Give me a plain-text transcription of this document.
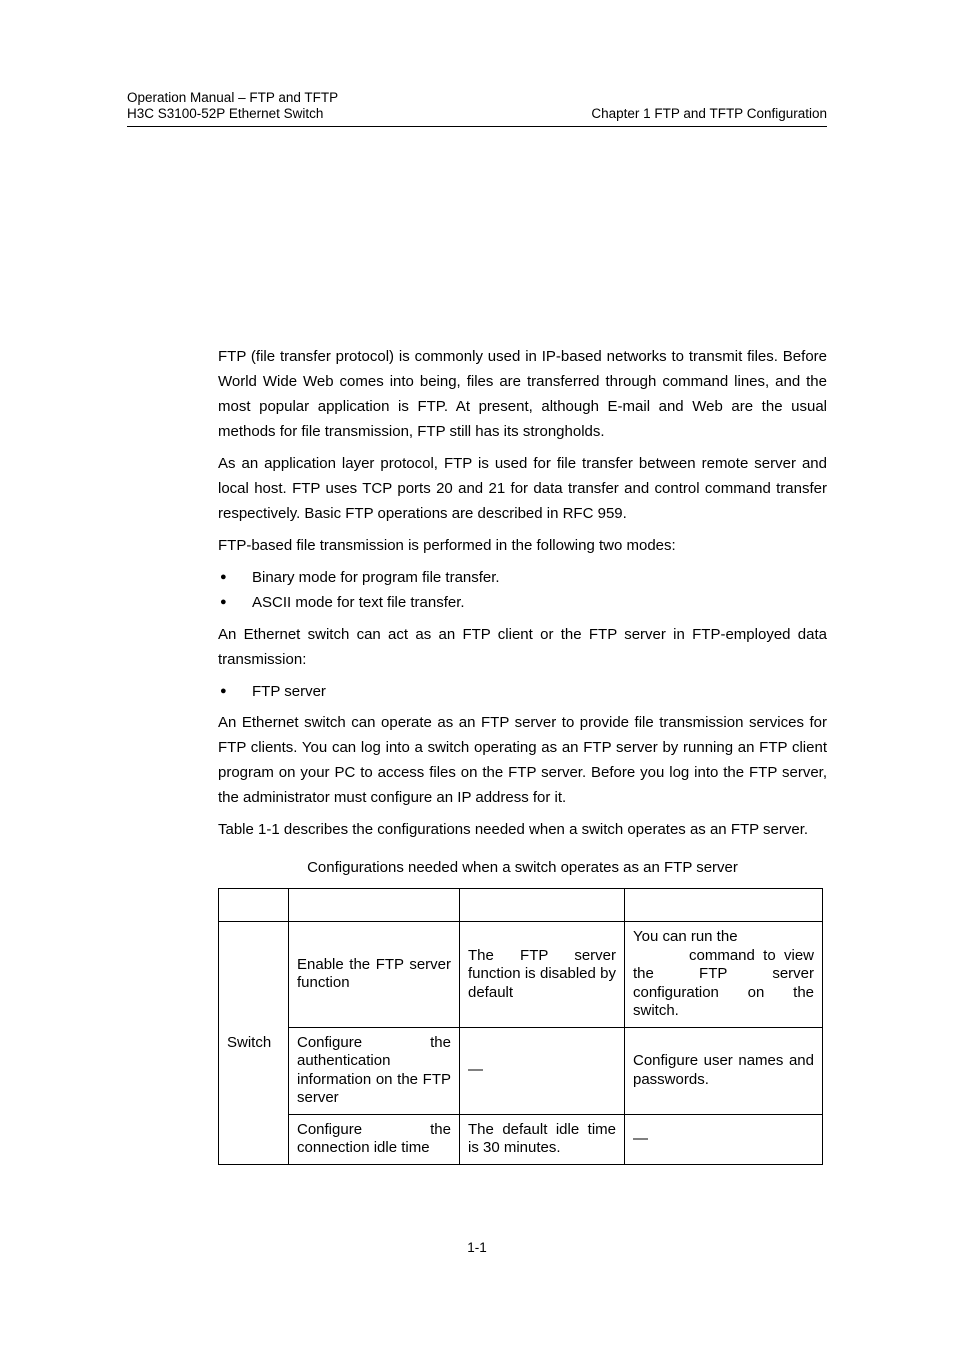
Operation Manual – FTP and TFTP
H3C S3100-52P Ethernet Switch	Chapter 1 FTP and TFTP Configuration

FTP (file transfer protocol) is commonly used in IP-based networks to transmit files. Before World Wide Web comes into being, files are transferred through command lines, and the most popular application is FTP. At present, although E-mail and Web are the usual methods for file transmission, FTP still has its strongholds.

As an application layer protocol, FTP is used for file transfer between remote server and local host. FTP uses TCP ports 20 and 21 for data transfer and control command transfer respectively. Basic FTP operations are described in RFC 959.

FTP-based file transmission is performed in the following two modes:

● Binary mode for program file transfer.
● ASCII mode for text file transfer.

An Ethernet switch can act as an FTP client or the FTP server in FTP-employed data transmission:

● FTP server

An Ethernet switch can operate as an FTP server to provide file transmission services for FTP clients. You can log into a switch operating as an FTP server by running an FTP client program on your PC to access files on the FTP server. Before you log into the FTP server, the administrator must configure an IP address for it.

Table 1-1 describes the configurations needed when a switch operates as an FTP server.

Configurations needed when a switch operates as an FTP server

Switch	Enable the FTP server function	The FTP server function is disabled by default	You can run the
command to view the FTP server configuration on the switch.

	Configure the authentication information on the FTP server	—	Configure user names and passwords.
	Configure the connection idle time	The default idle time is 30 minutes.	—
1-1
